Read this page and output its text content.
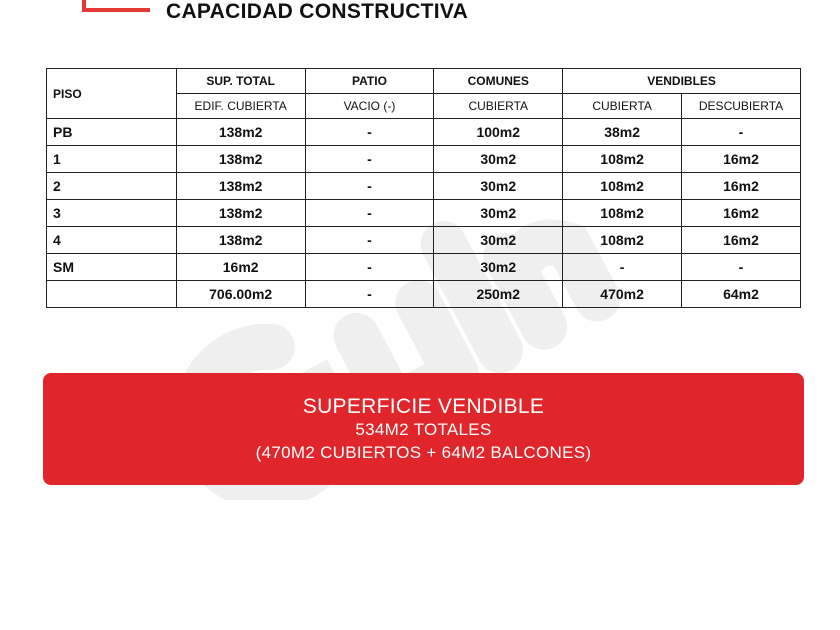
CAPACIDAD CONSTRUCTIVA
PISO	SUP. TOTAL	PATIO	COMUNES	VENDIBLES	
	EDIF. CUBIERTA	VACIO (-)	CUBIERTA	CUBIERTA	DESCUBIERTA
PB	138m2	-	100m2	38m2	-
1	138m2	-	30m2	108m2	16m2
2	138m2	-	30m2	108m2	16m2
3	138m2	-	30m2	108m2	16m2
4	138m2	-	30m2	108m2	16m2
SM	16m2	-	30m2	-	-
	706.00m2	-	250m2	470m2	64m2
SUPERFICIE VENDIBLE
534M2 TOTALES
(470M2 CUBIERTOS + 64M2 BALCONES)
